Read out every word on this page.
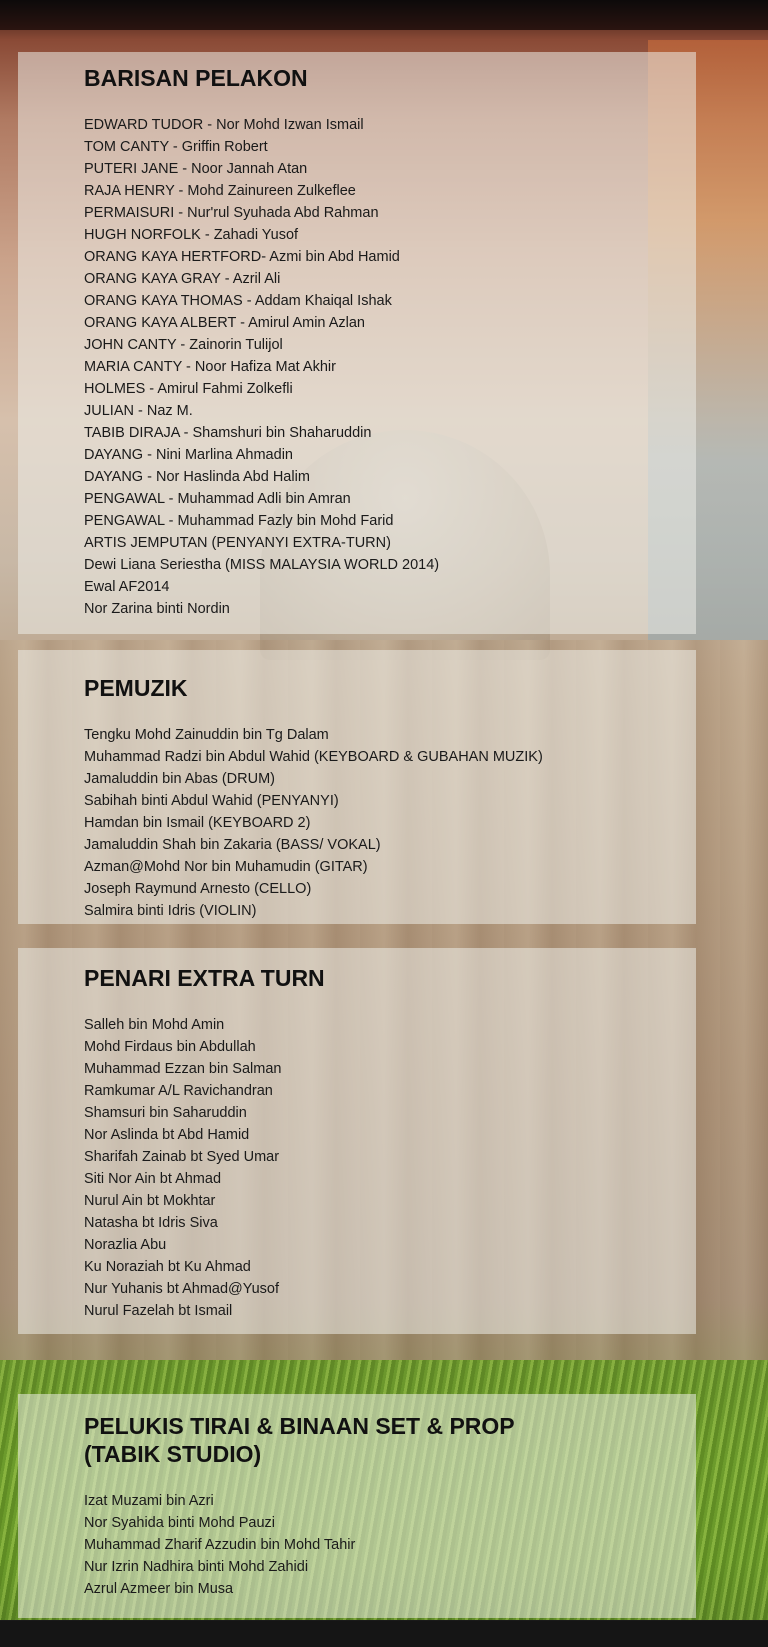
BARISAN PELAKON
EDWARD TUDOR - Nor Mohd Izwan Ismail
TOM CANTY - Griffin Robert
PUTERI JANE - Noor Jannah Atan
RAJA HENRY - Mohd Zainureen Zulkeflee
PERMAISURI - Nur'rul Syuhada Abd Rahman
HUGH NORFOLK - Zahadi Yusof
ORANG KAYA HERTFORD- Azmi bin Abd Hamid
ORANG KAYA GRAY - Azril Ali
ORANG KAYA THOMAS - Addam Khaiqal Ishak
ORANG KAYA ALBERT - Amirul Amin Azlan
JOHN CANTY - Zainorin Tulijol
MARIA CANTY - Noor Hafiza Mat Akhir
HOLMES - Amirul Fahmi Zolkefli
JULIAN - Naz M.
TABIB DIRAJA - Shamshuri bin Shaharuddin
DAYANG - Nini Marlina Ahmadin
DAYANG - Nor Haslinda Abd Halim
PENGAWAL - Muhammad Adli bin Amran
PENGAWAL - Muhammad Fazly bin Mohd Farid
ARTIS JEMPUTAN (PENYANYI EXTRA-TURN)
Dewi Liana Seriestha (MISS MALAYSIA WORLD 2014)
Ewal AF2014
Nor Zarina binti Nordin
PEMUZIK
Tengku Mohd Zainuddin bin Tg Dalam
Muhammad Radzi bin Abdul Wahid (KEYBOARD & GUBAHAN MUZIK)
Jamaluddin bin Abas (DRUM)
Sabihah binti Abdul Wahid (PENYANYI)
Hamdan bin Ismail (KEYBOARD 2)
Jamaluddin Shah bin Zakaria (BASS/ VOKAL)
Azman@Mohd Nor bin Muhamudin (GITAR)
Joseph Raymund Arnesto (CELLO)
Salmira binti Idris (VIOLIN)
PENARI EXTRA TURN
Salleh bin Mohd Amin
Mohd Firdaus bin Abdullah
Muhammad Ezzan bin Salman
Ramkumar A/L Ravichandran
Shamsuri bin Saharuddin
Nor Aslinda bt Abd Hamid
Sharifah Zainab bt Syed Umar
Siti Nor Ain bt Ahmad
Nurul Ain bt Mokhtar
Natasha bt Idris Siva
Norazlia Abu
Ku Noraziah bt Ku Ahmad
Nur Yuhanis bt Ahmad@Yusof
Nurul Fazelah bt Ismail
PELUKIS TIRAI & BINAAN SET & PROP
(TABIK STUDIO)
Izat Muzami bin Azri
Nor Syahida binti Mohd Pauzi
Muhammad Zharif Azzudin bin Mohd Tahir
Nur Izrin Nadhira binti Mohd Zahidi
Azrul Azmeer bin Musa
